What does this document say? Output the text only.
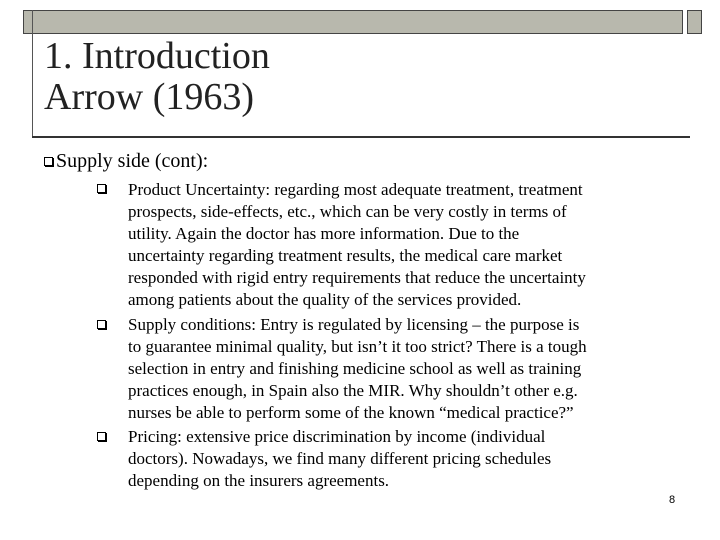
1. Introduction
Arrow (1963)
Supply side (cont):
Product Uncertainty: regarding most adequate treatment, treatment
prospects, side-effects, etc., which can be very costly in terms of
utility. Again the doctor has more information. Due to the
uncertainty regarding treatment results, the medical care market
responded with rigid entry requirements that reduce the uncertainty
among patients about the quality of the services provided.
Supply conditions: Entry is regulated by licensing – the purpose is
to guarantee minimal quality, but isn’t it too strict? There is a tough
selection in entry and finishing medicine school as well as training
practices enough, in Spain also the MIR. Why shouldn’t other e.g.
nurses be able to perform some of the known “medical practice?”
Pricing: extensive price discrimination by income (individual
doctors). Nowadays, we find many different pricing schedules
depending on the insurers agreements.
8
